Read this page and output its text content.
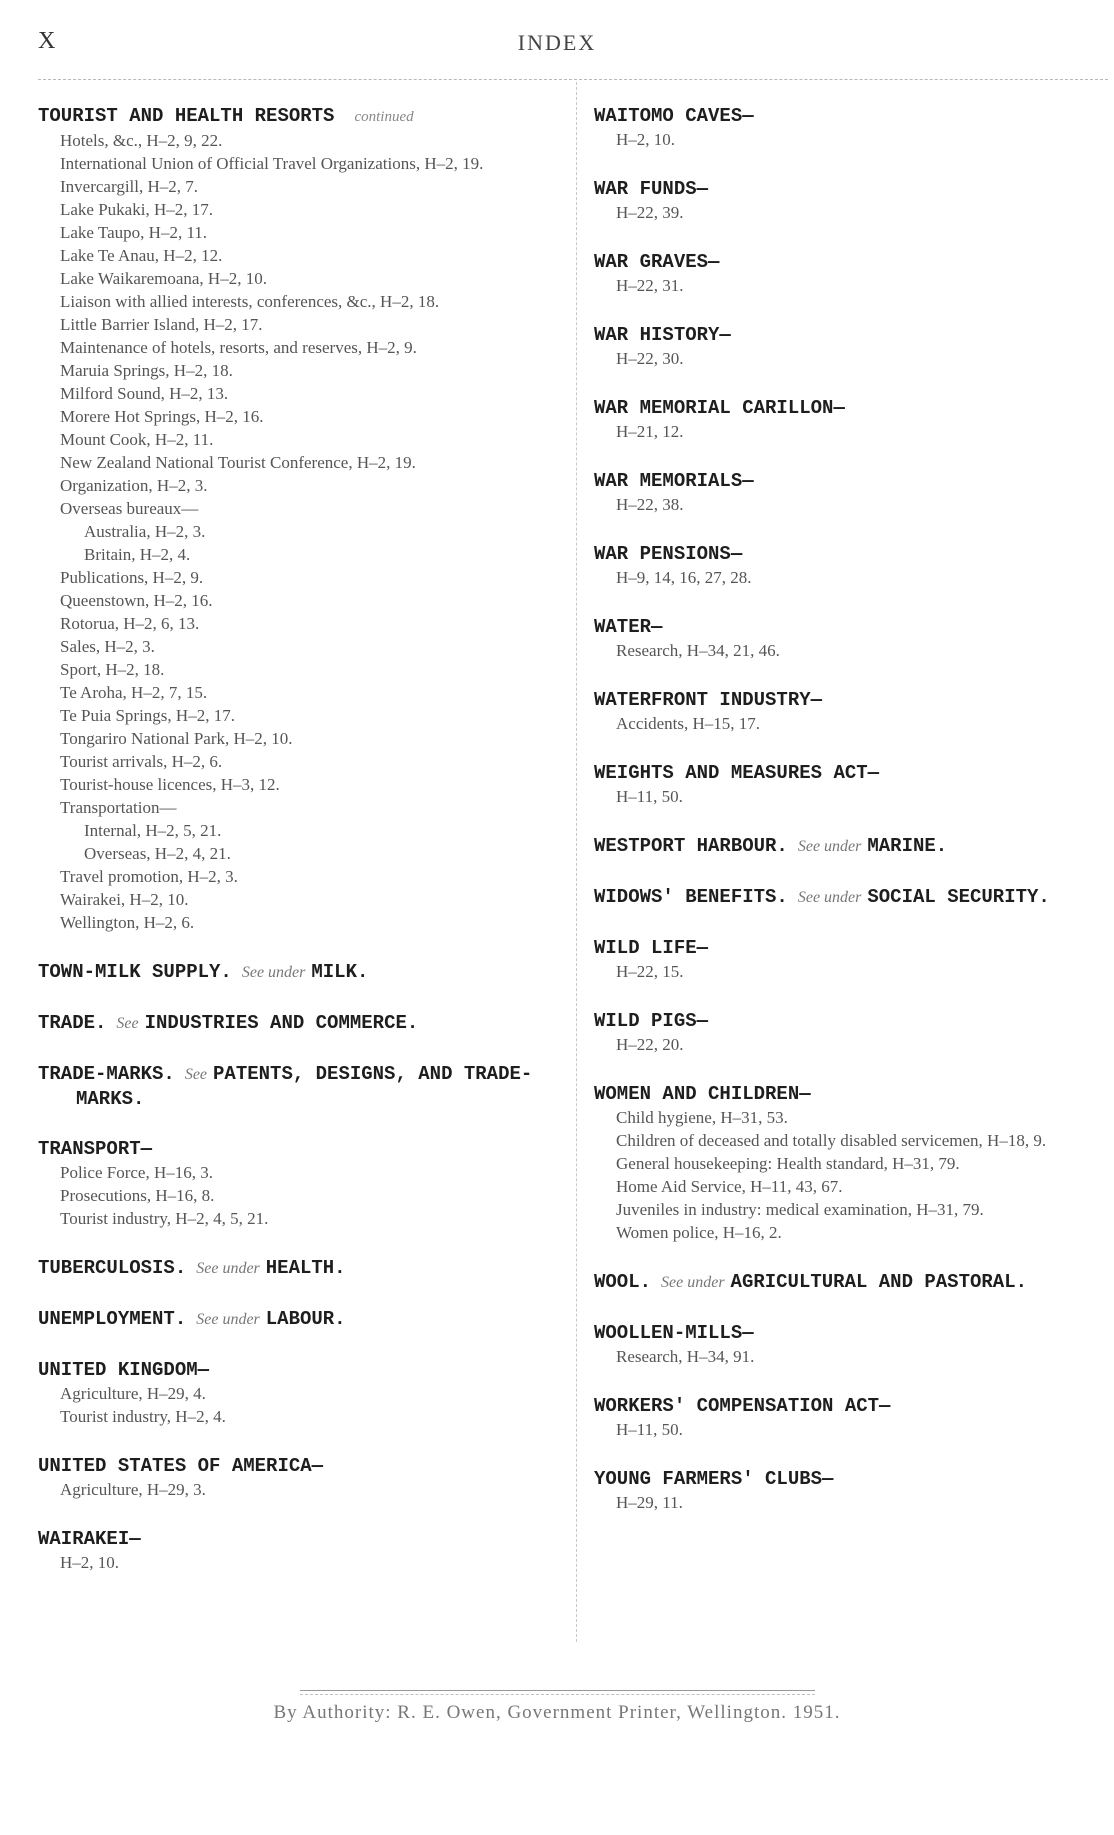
X	INDEX
TOURIST AND HEALTH RESORTS continued
Hotels, &c., H–2, 9, 22.
International Union of Official Travel Organizations, H–2, 19.
Invercargill, H–2, 7.
Lake Pukaki, H–2, 17.
Lake Taupo, H–2, 11.
Lake Te Anau, H–2, 12.
Lake Waikaremoana, H–2, 10.
Liaison with allied interests, conferences, &c., H–2, 18.
Little Barrier Island, H–2, 17.
Maintenance of hotels, resorts, and reserves, H–2, 9.
Maruia Springs, H–2, 18.
Milford Sound, H–2, 13.
Morere Hot Springs, H–2, 16.
Mount Cook, H–2, 11.
New Zealand National Tourist Conference, H–2, 19.
Organization, H–2, 3.
Overseas bureaux—
Australia, H–2, 3.
Britain, H–2, 4.
Publications, H–2, 9.
Queenstown, H–2, 16.
Rotorua, H–2, 6, 13.
Sales, H–2, 3.
Sport, H–2, 18.
Te Aroha, H–2, 7, 15.
Te Puia Springs, H–2, 17.
Tongariro National Park, H–2, 10.
Tourist arrivals, H–2, 6.
Tourist-house licences, H–3, 12.
Transportation—
Internal, H–2, 5, 21.
Overseas, H–2, 4, 21.
Travel promotion, H–2, 3.
Wairakei, H–2, 10.
Wellington, H–2, 6.
TOWN-MILK SUPPLY. See under MILK.
TRADE. See INDUSTRIES AND COMMERCE.
TRADE-MARKS. See PATENTS, DESIGNS, AND TRADE-MARKS.
TRANSPORT—
Police Force, H–16, 3.
Prosecutions, H–16, 8.
Tourist industry, H–2, 4, 5, 21.
TUBERCULOSIS. See under HEALTH.
UNEMPLOYMENT. See under LABOUR.
UNITED KINGDOM—
Agriculture, H–29, 4.
Tourist industry, H–2, 4.
UNITED STATES OF AMERICA—
Agriculture, H–29, 3.
WAIRAKEI—
H–2, 10.
WAITOMO CAVES—
H–2, 10.
WAR FUNDS—
H–22, 39.
WAR GRAVES—
H–22, 31.
WAR HISTORY—
H–22, 30.
WAR MEMORIAL CARILLON—
H–21, 12.
WAR MEMORIALS—
H–22, 38.
WAR PENSIONS—
H–9, 14, 16, 27, 28.
WATER—
Research, H–34, 21, 46.
WATERFRONT INDUSTRY—
Accidents, H–15, 17.
WEIGHTS AND MEASURES ACT—
H–11, 50.
WESTPORT HARBOUR. See under MARINE.
WIDOWS' BENEFITS. See under SOCIAL SECURITY.
WILD LIFE—
H–22, 15.
WILD PIGS—
H–22, 20.
WOMEN AND CHILDREN—
Child hygiene, H–31, 53.
Children of deceased and totally disabled servicemen, H–18, 9.
General housekeeping: Health standard, H–31, 79.
Home Aid Service, H–11, 43, 67.
Juveniles in industry: medical examination, H–31, 79.
Women police, H–16, 2.
WOOL. See under AGRICULTURAL AND PASTORAL.
WOOLLEN-MILLS—
Research, H–34, 91.
WORKERS' COMPENSATION ACT—
H–11, 50.
YOUNG FARMERS' CLUBS—
H–29, 11.
By Authority: R. E. Owen, Government Printer, Wellington. 1951.
